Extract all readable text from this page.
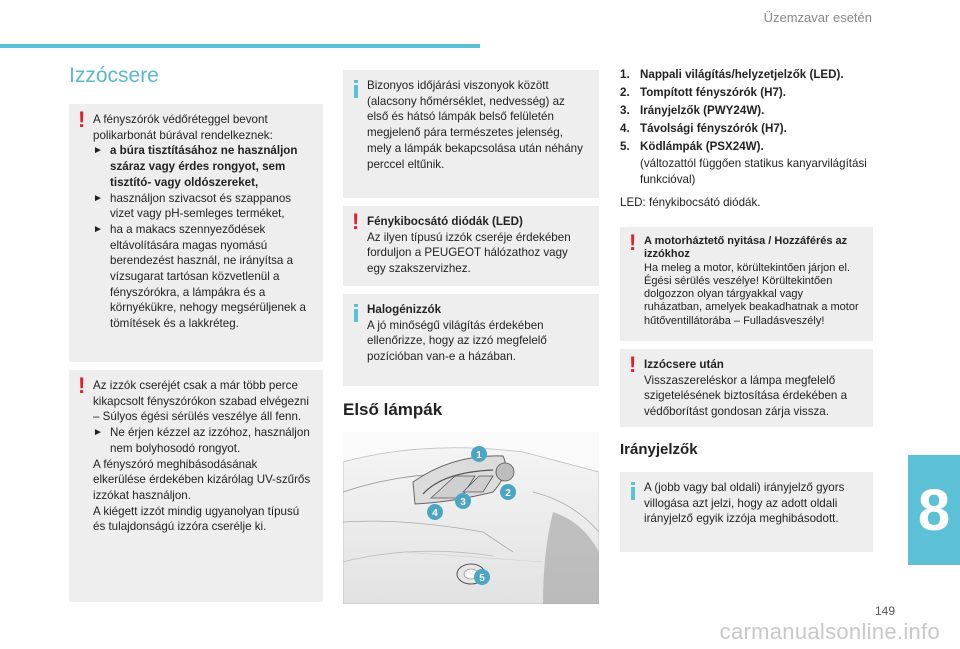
Üzemzavar esetén
Izzócsere
! A fényszórók védőréteggel bevont polikarbonát búrával rendelkeznek:

► a búra tisztításához ne használjon száraz vagy érdes rongyot, sem tisztító- vagy oldószereket,
► használjon szivacsot és szappanos vizet vagy pH-semleges terméket,
► ha a makacs szennyeződések eltávolítására magas nyomású berendezést használ, ne irányítsa a vízsugarat tartósan közvetlenül a fényszórókra, a lámpákra és a környékükre, nehogy megsérüljenek a tömítések és a lakkréteg.
! Az izzók cseréjét csak a már több perce kikapcsolt fényszórókon szabad elvégezni – Súlyos égési sérülés veszélye áll fenn.

► Ne érjen kézzel az izzóhoz, használjon nem bolyhosodó rongyot.

A fényszóró meghibásodásának elkerülése érdekében kizárólag UV-szűrős izzókat használjon.

A kiégett izzót mindig ugyanolyan típusú és tulajdonságú izzóra cserélje ki.

Bizonyos időjárási viszonyok között (alacsony hőmérséklet, nedvesség) az első és hátsó lámpák belső felületén megjelenő pára természetes jelenség, mely a lámpák bekapcsolása után néhány perccel eltűnik.

! Fénykibocsátó diódák (LED)

Az ilyen típusú izzók cseréje érdekében forduljon a PEUGEOT hálózathoz vagy egy szakszervizhez.

Halogénizzók

A jó minőségű világítás érdekében ellenőrizze, hogy az izzó megfelelő pozícióban van-e a házában.

Első lámpák
1
2
3
4
5
1. Nappali világítás/helyzetjelzők (LED).
2. Tompított fényszórók (H7).
3. Irányjelzők (PWY24W).
4. Távolsági fényszórók (H7).
5. Ködlámpák (PSX24W).
(változattól függően statikus kanyarvilágítási funkcióval)
LED: fénykibocsátó diódák.
! A motorháztető nyitása / Hozzáférés az izzókhoz

Ha meleg a motor, körültekintően járjon el. Égési sérülés veszélye! Körültekintően dolgozzon olyan tárgyakkal vagy ruházatban, amelyek beakadhatnak a motor hűtőventillátorába – Fulladásveszély!

! Izzócsere után

Visszaszereléskor a lámpa megfelelő szigetelésének biztosítása érdekében a védőborítást gondosan zárja vissza.

Irányjelzők

A (jobb vagy bal oldali) irányjelző gyors villogása azt jelzi, hogy az adott oldali irányjelző egyik izzója meghibásodott.	8
149
carmanualsonline.info
